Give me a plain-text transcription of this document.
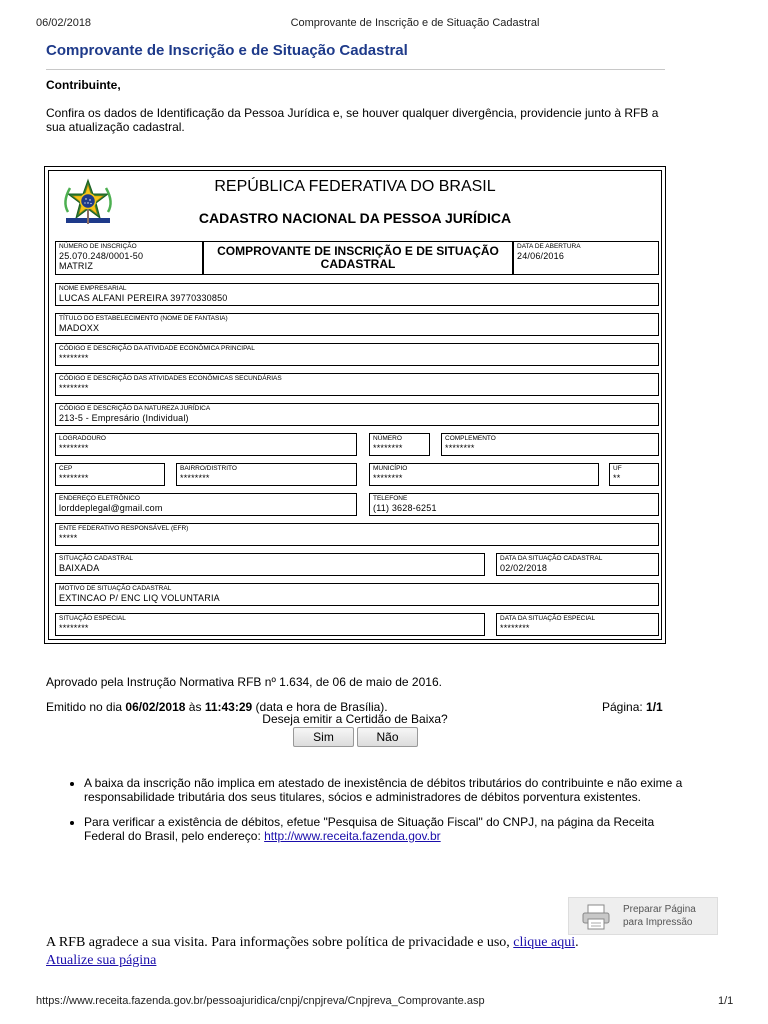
06/02/2018	Comprovante de Inscrição e de Situação Cadastral
Comprovante de Inscrição e de Situação Cadastral
Contribuinte,
Confira os dados de Identificação da Pessoa Jurídica e, se houver qualquer divergência, providencie junto à RFB a sua atualização cadastral.
REPÚBLICA FEDERATIVA DO BRASIL
CADASTRO NACIONAL DA PESSOA JURÍDICA
NÚMERO DE INSCRIÇÃO
25.070.248/0001-50
MATRIZ
COMPROVANTE DE INSCRIÇÃO E DE SITUAÇÃO CADASTRAL
DATA DE ABERTURA
24/06/2016
NOME EMPRESARIAL
LUCAS ALFANI PEREIRA 39770330850
TÍTULO DO ESTABELECIMENTO (NOME DE FANTASIA)
MADOXX
CÓDIGO E DESCRIÇÃO DA ATIVIDADE ECONÔMICA PRINCIPAL
********
CÓDIGO E DESCRIÇÃO DAS ATIVIDADES ECONÔMICAS SECUNDÁRIAS
********
CÓDIGO E DESCRIÇÃO DA NATUREZA JURÍDICA
213-5 - Empresário (Individual)
LOGRADOURO
********
NÚMERO
********
COMPLEMENTO
********
CEP
********
BAIRRO/DISTRITO
********
MUNICÍPIO
********
UF
**
ENDEREÇO ELETRÔNICO
lorddeplegal@gmail.com
TELEFONE
(11) 3628-6251
ENTE FEDERATIVO RESPONSÁVEL (EFR)
*****
SITUAÇÃO CADASTRAL
BAIXADA
DATA DA SITUAÇÃO CADASTRAL
02/02/2018
MOTIVO DE SITUAÇÃO CADASTRAL
EXTINCAO P/ ENC LIQ VOLUNTARIA
SITUAÇÃO ESPECIAL
********
DATA DA SITUAÇÃO ESPECIAL
********
Aprovado pela Instrução Normativa RFB nº 1.634, de 06 de maio de 2016.
Emitido no dia 06/02/2018 às 11:43:29 (data e hora de Brasília).	Página: 1/1
Deseja emitir a Certidão de Baixa?
Sim	Não
• A baixa da inscrição não implica em atestado de inexistência de débitos tributários do contribuinte e não exime a responsabilidade tributária dos seus titulares, sócios e administradores de débitos porventura existentes.
• Para verificar a existência de débitos, efetue "Pesquisa de Situação Fiscal" do CNPJ, na página da Receita Federal do Brasil, pelo endereço: http://www.receita.fazenda.gov.br
Preparar Página
para Impressão
A RFB agradece a sua visita. Para informações sobre política de privacidade e uso, clique aqui.
Atualize sua página
https://www.receita.fazenda.gov.br/pessoajuridica/cnpj/cnpjreva/Cnpjreva_Comprovante.asp	1/1
